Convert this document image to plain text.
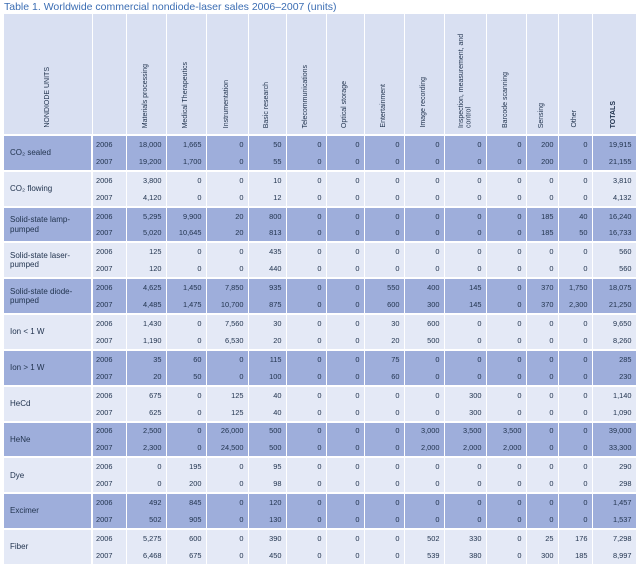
Table 1. Worldwide commercial nondiode-laser sales 2006–2007 (units)
NONDIODE UNITS		Materials processing	Medical Therapeutics	Instrumentation	Basic research	Telecommunications	Optical storage	Entertainment	Image recording	Inspection, measurement, and control	Barcode scanning	Sensing	Other	TOTALS
CO₂ sealed	2006	18,000	1,665	0	50	0	0	0	0	0	0	200	0	19,915
	2007	19,200	1,700	0	55	0	0	0	0	0	0	200	0	21,155
CO₂ flowing	2006	3,800	0	0	10	0	0	0	0	0	0	0	0	3,810
	2007	4,120	0	0	12	0	0	0	0	0	0	0	0	4,132
Solid-state lamp-pumped	2006	5,295	9,900	20	800	0	0	0	0	0	0	185	40	16,240
	2007	5,020	10,645	20	813	0	0	0	0	0	0	185	50	16,733
Solid-state laser-pumped	2006	125	0	0	435	0	0	0	0	0	0	0	0	560
	2007	120	0	0	440	0	0	0	0	0	0	0	0	560
Solid-state diode-pumped	2006	4,625	1,450	7,850	935	0	0	550	400	145	0	370	1,750	18,075
	2007	4,485	1,475	10,700	875	0	0	600	300	145	0	370	2,300	21,250
Ion < 1 W	2006	1,430	0	7,560	30	0	0	30	600	0	0	0	0	9,650
	2007	1,190	0	6,530	20	0	0	20	500	0	0	0	0	8,260
Ion > 1 W	2006	35	60	0	115	0	0	75	0	0	0	0	0	285
	2007	20	50	0	100	0	0	60	0	0	0	0	0	230
HeCd	2006	675	0	125	40	0	0	0	0	300	0	0	0	1,140
	2007	625	0	125	40	0	0	0	0	300	0	0	0	1,090
HeNe	2006	2,500	0	26,000	500	0	0	0	3,000	3,500	3,500	0	0	39,000
	2007	2,300	0	24,500	500	0	0	0	2,000	2,000	2,000	0	0	33,300
Dye	2006	0	195	0	95	0	0	0	0	0	0	0	0	290
	2007	0	200	0	98	0	0	0	0	0	0	0	0	298
Excimer	2006	492	845	0	120	0	0	0	0	0	0	0	0	1,457
	2007	502	905	0	130	0	0	0	0	0	0	0	0	1,537
Fiber	2006	5,275	600	0	390	0	0	0	502	330	0	25	176	7,298
	2007	6,468	675	0	450	0	0	0	539	380	0	300	185	8,997
